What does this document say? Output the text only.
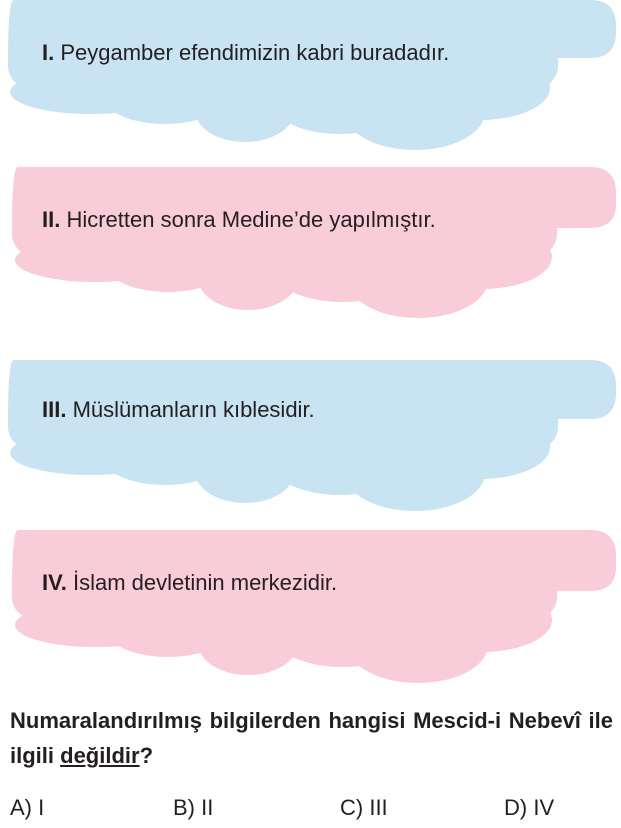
I. Peygamber efendimizin kabri buradadır.
II. Hicretten sonra Medine’de yapılmıştır.
III. Müslümanların kıblesidir.
IV. İslam devletinin merkezidir.
Numaralandırılmış bilgilerden hangisi Mescid-i Nebevî ile ilgili değildir?
A) I	B) II	C) III	D) IV
